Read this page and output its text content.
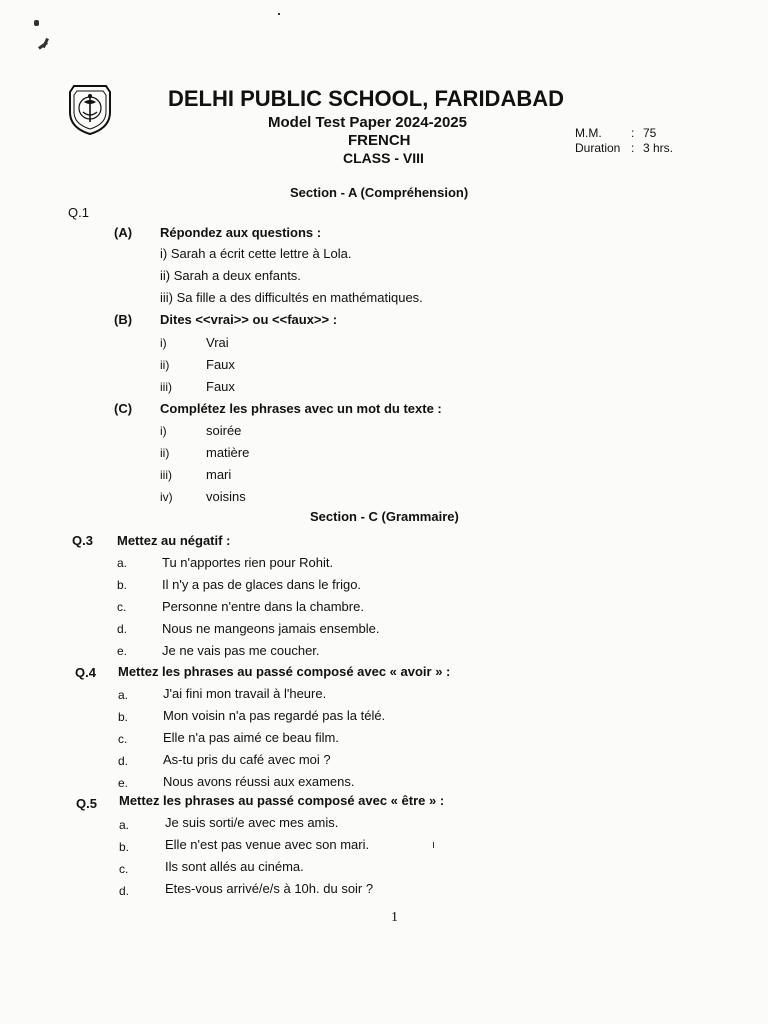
DELHI PUBLIC SCHOOL, FARIDABAD
Model Test Paper 2024-2025
FRENCH
CLASS - VIII
M.M. : 75
Duration : 3 hrs.
Section - A (Compréhension)
Q.1
(A) Répondez aux questions :
i) Sarah a écrit cette lettre à Lola.
ii) Sarah a deux enfants.
iii) Sa fille a des difficultés en mathématiques.
(B) Dites <<vrai>> ou <<faux>> :
i)	Vrai
ii)	Faux
iii)	Faux
(C) Complétez les phrases avec un mot du texte :
i)	soirée
ii)	matière
iii)	mari
iv)	voisins
Section - C (Grammaire)
Q.3 Mettez au négatif :
a.	Tu n'apportes rien pour Rohit.
b.	Il n'y a pas de glaces dans le frigo.
c.	Personne n'entre dans la chambre.
d.	Nous ne mangeons jamais ensemble.
e.	Je ne vais pas me coucher.
Q.4 Mettez les phrases au passé composé avec « avoir » :
a.	J'ai fini mon travail à l'heure.
b.	Mon voisin n'a pas regardé pas la télé.
c.	Elle n'a pas aimé ce beau film.
d.	As-tu pris du café avec moi ?
e.	Nous avons réussi aux examens.
Q.5 Mettez les phrases au passé composé avec « être » :
a.	Je suis sorti/e avec mes amis.
b.	Elle n'est pas venue avec son mari.
c.	Ils sont allés au cinéma.
d.	Etes-vous arrivé/e/s à 10h. du soir ?
1
